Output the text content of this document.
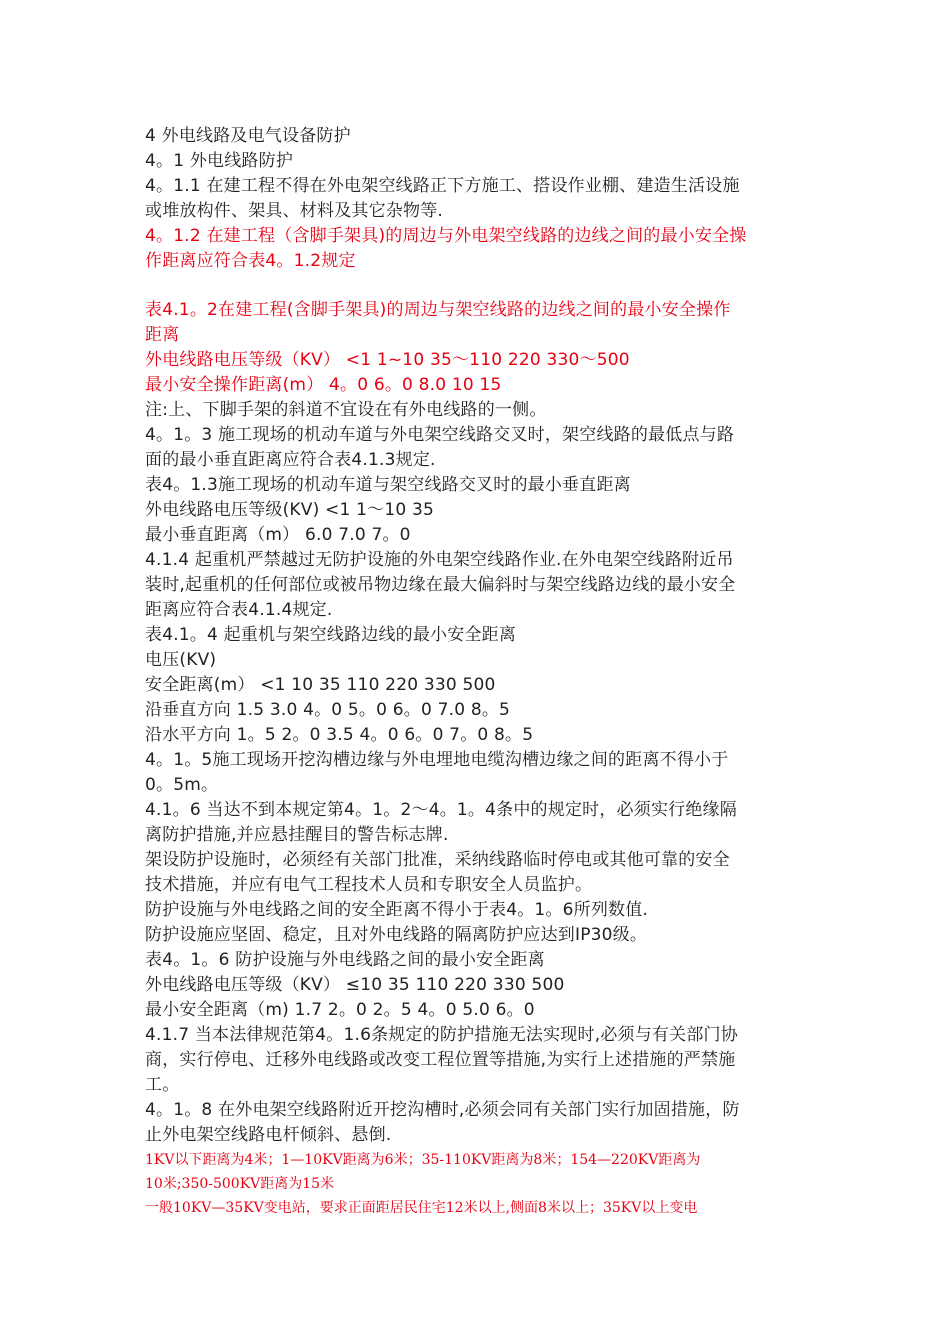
4 外电线路及电气设备防护
4。1 外电线路防护
4。1.1 在建工程不得在外电架空线路正下方施工、搭设作业棚、建造生活设施
或堆放构件、架具、材料及其它杂物等.
4。1.2 在建工程（含脚手架具)的周边与外电架空线路的边线之间的最小安全操
作距离应符合表4。1.2规定
表4.1。2在建工程(含脚手架具)的周边与架空线路的边线之间的最小安全操作
距离
外电线路电压等级（KV） <1 1~10 35～110 220 330～500
最小安全操作距离(m） 4。0 6。0 8.0 10 15
注:上、下脚手架的斜道不宜设在有外电线路的一侧。
4。1。3 施工现场的机动车道与外电架空线路交叉时，架空线路的最低点与路
面的最小垂直距离应符合表4.1.3规定.
表4。1.3施工现场的机动车道与架空线路交叉时的最小垂直距离
外电线路电压等级(KV) <1 1～10 35
最小垂直距离（m） 6.0 7.0 7。0
4.1.4 起重机严禁越过无防护设施的外电架空线路作业.在外电架空线路附近吊
装时,起重机的任何部位或被吊物边缘在最大偏斜时与架空线路边线的最小安全
距离应符合表4.1.4规定.
表4.1。4 起重机与架空线路边线的最小安全距离
电压(KV)
安全距离(m） <1 10 35 110 220 330 500
沿垂直方向 1.5 3.0 4。0 5。0 6。0 7.0 8。5
沿水平方向 1。5 2。0 3.5 4。0 6。0 7。0 8。5
4。1。5施工现场开挖沟槽边缘与外电埋地电缆沟槽边缘之间的距离不得小于
0。5m。
4.1。6 当达不到本规定第4。1。2～4。1。4条中的规定时，必须实行绝缘隔
离防护措施,并应悬挂醒目的警告标志牌.
架设防护设施时，必须经有关部门批准，采纳线路临时停电或其他可靠的安全
技术措施，并应有电气工程技术人员和专职安全人员监护。
防护设施与外电线路之间的安全距离不得小于表4。1。6所列数值.
防护设施应坚固、稳定，且对外电线路的隔离防护应达到IP30级。
表4。1。6 防护设施与外电线路之间的最小安全距离
外电线路电压等级（KV） ≤10 35 110 220 330 500
最小安全距离（m) 1.7 2。0 2。5 4。0 5.0 6。0
4.1.7 当本法律规范第4。1.6条规定的防护措施无法实现时,必须与有关部门协
商，实行停电、迁移外电线路或改变工程位置等措施,为实行上述措施的严禁施
工。
4。1。8 在外电架空线路附近开挖沟槽时,必须会同有关部门实行加固措施，防
止外电架空线路电杆倾斜、悬倒.
1KV以下距离为4米；1—10KV距离为6米；35-110KV距离为8米；154—220KV距离为
10米;350-500KV距离为15米
一般10KV—35KV变电站，要求正面距居民住宅12米以上,侧面8米以上；35KV以上变电
